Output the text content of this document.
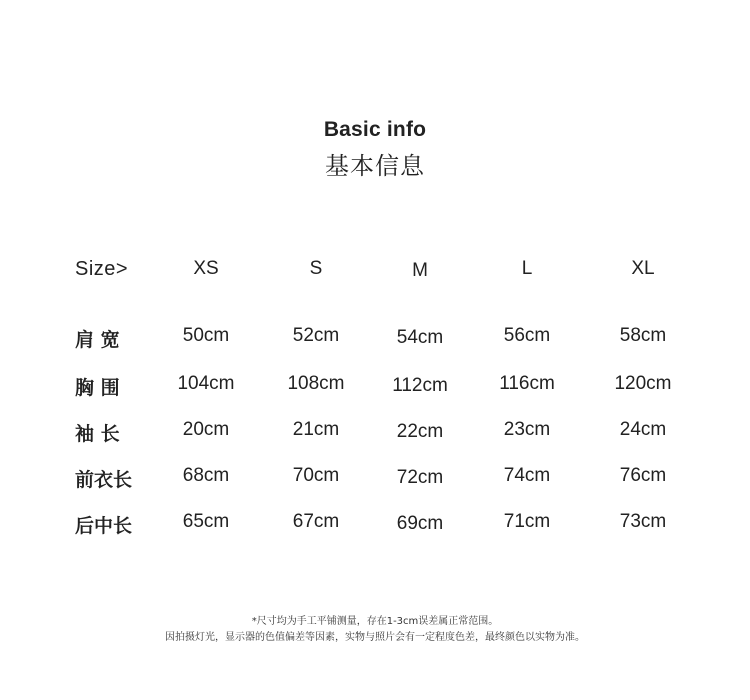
Basic info
基本信息
Size>	XS	S	M	L	XL
肩 宽	50cm	52cm	54cm	56cm	58cm
胸 围	104cm	108cm	112cm	116cm	120cm
袖 长	20cm	21cm	22cm	23cm	24cm
前衣长	68cm	70cm	72cm	74cm	76cm
后中长	65cm	67cm	69cm	71cm	73cm
*尺寸均为手工平铺测量，存在1-3cm误差属正常范围。
因拍摄灯光，显示器的色值偏差等因素，实物与照片会有一定程度色差，最终颜色以实物为准。
